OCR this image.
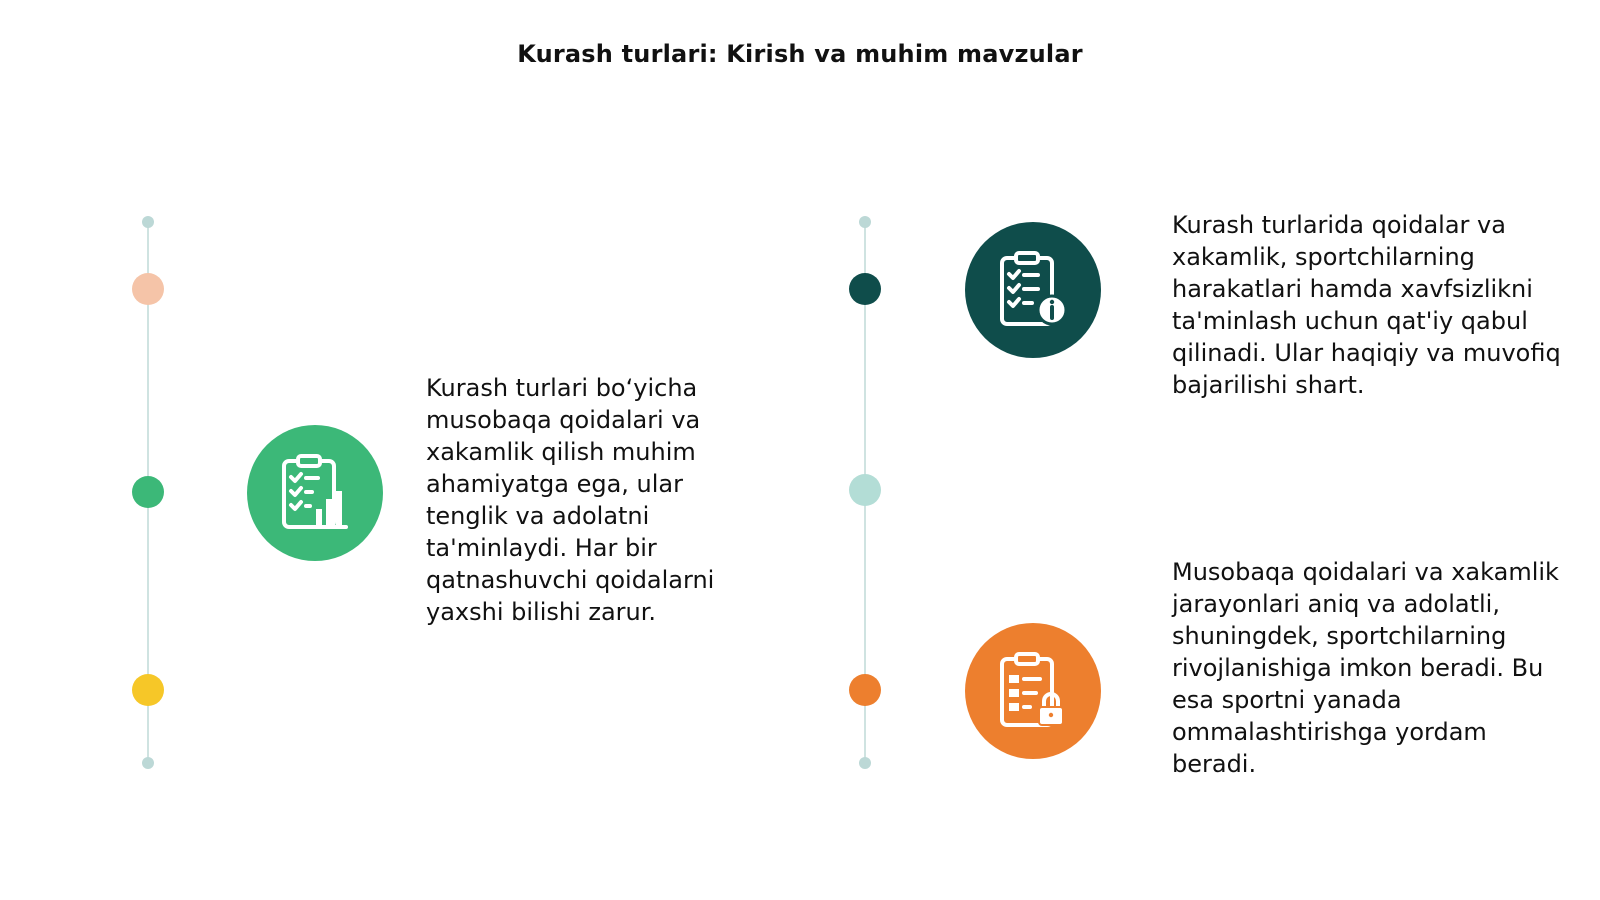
Kurash turlari: Kirish va muhim mavzular
Kurash turlari bo‘yicha musobaqa qoidalari va xakamlik qilish muhim ahamiyatga ega, ular tenglik va adolatni ta'minlaydi. Har bir qatnashuvchi qoidalarni yaxshi bilishi zarur.
Kurash turlarida qoidalar va xakamlik, sportchilarning harakatlari hamda xavfsizlikni ta'minlash uchun qat'iy qabul qilinadi. Ular haqiqiy va muvofiq bajarilishi shart.
Musobaqa qoidalari va xakamlik jarayonlari aniq va adolatli, shuningdek, sportchilarning rivojlanishiga imkon beradi. Bu esa sportni yanada ommalashtirishga yordam beradi.
